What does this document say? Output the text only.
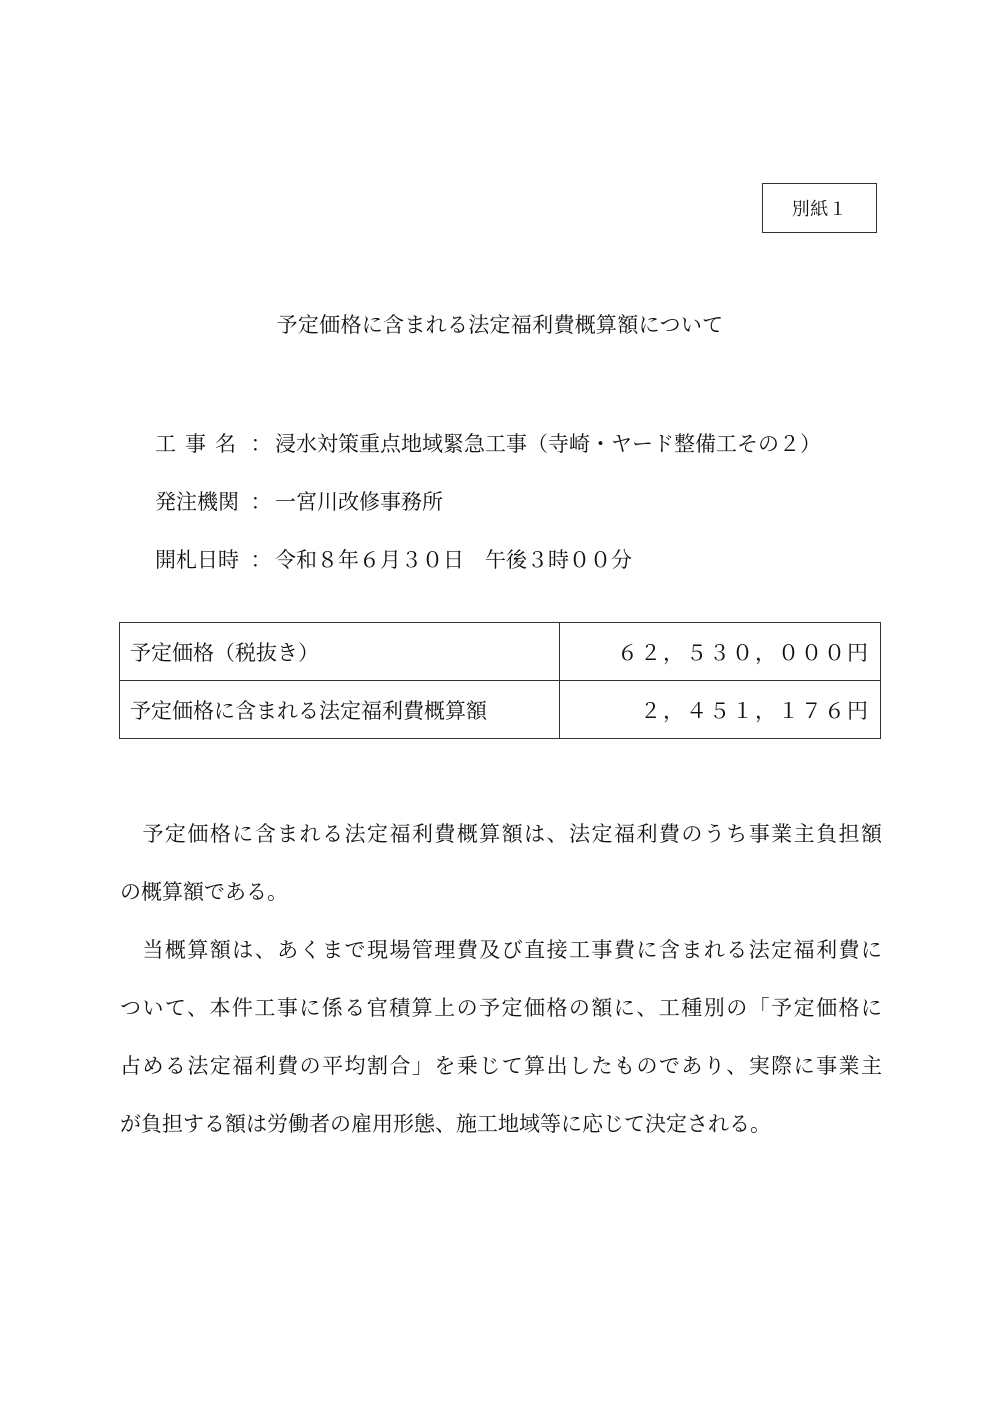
別紙１
予定価格に含まれる法定福利費概算額について
工事名 ： 浸水対策重点地域緊急工事（寺崎・ヤード整備工その２）
発注機関 ： 一宮川改修事務所
開札日時 ： 令和８年６月３０日　午後３時００分
予定価格（税抜き）	６２，５３０，０００円
予定価格に含まれる法定福利費概算額	２，４５１，１７６円

　予定価格に含まれる法定福利費概算額は、法定福利費のうち事業主負担額
の概算額である。

　当概算額は、あくまで現場管理費及び直接工事費に含まれる法定福利費に
ついて、本件工事に係る官積算上の予定価格の額に、工種別の「予定価格に
占める法定福利費の平均割合」を乗じて算出したものであり、実際に事業主
が負担する額は労働者の雇用形態、施工地域等に応じて決定される。
